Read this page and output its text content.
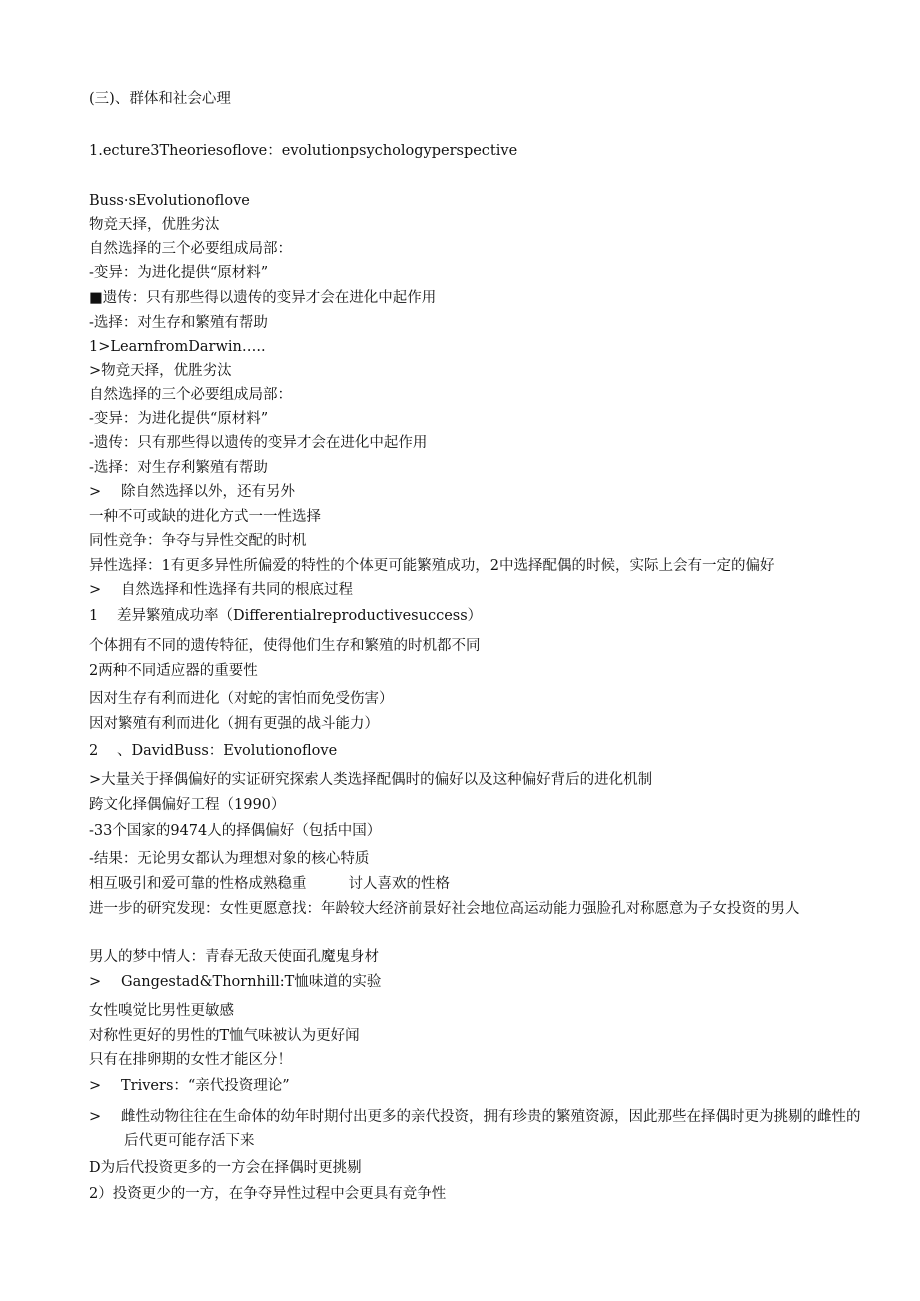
(三)、群体和社会心理
1.ecture3Theoriesoflove：evolutionpsychologyperspective
Buss·sEvolutionoflove
物竞天择，优胜劣汰
自然选择的三个必要组成局部：
-变异：为进化提供“原材料”
■遗传：只有那些得以遗传的变异才会在进化中起作用
-选择：对生存和繁殖有帮助
1>LearnfromDarwin…..
>物竞天择，优胜劣汰
自然选择的三个必要组成局部：
-变异：为进化提供“原材料”
-遗传：只有那些得以遗传的变异才会在进化中起作用
-选择：对生存利繁殖有帮助
> 除自然选择以外，还有另外
一种不可或缺的进化方式一一性选择
同性竞争：争夺与异性交配的时机
异性选择：1有更多异性所偏爱的特性的个体更可能繁殖成功，2中选择配偶的时候，实际上会有一定的偏好
> 自然选择和性选择有共同的根底过程
1 差异繁殖成功率（Differentialreproductivesuccess）
个体拥有不同的遗传特征，使得他们生存和繁殖的时机都不同
2两种不同适应器的重要性
因对生存有利而进化（对蛇的害怕而免受伤害）
因对繁殖有利而进化（拥有更强的战斗能力）
2 、DavidBuss：Evolutionoflove
>大量关于择偶偏好的实证研究探索人类选择配偶时的偏好以及这种偏好背后的进化机制
跨文化择偶偏好工程（1990）
-33个国家的9474人的择偶偏好（包括中国）
-结果：无论男女都认为理想对象的核心特质
相互吸引和爱可靠的性格成熟稳重	讨人喜欢的性格
进一步的研究发现：女性更愿意找：年龄较大经济前景好社会地位高运动能力强脸孔对称愿意为子女投资的男人
男人的梦中情人：青春无敌天使面孔魔鬼身材
> Gangestad&Thornhill:T恤味道的实验
女性嗅觉比男性更敏感
对称性更好的男性的T恤气味被认为更好闻
只有在排卵期的女性才能区分！
> Trivers：“亲代投资理论”
> 雌性动物往往在生命体的幼年时期付出更多的亲代投资，拥有珍贵的繁殖资源，因此那些在择偶时更为挑剔的雌性的后代更可能存活下来
D为后代投资更多的一方会在择偶时更挑剔
2）投资更少的一方，在争夺异性过程中会更具有竞争性
